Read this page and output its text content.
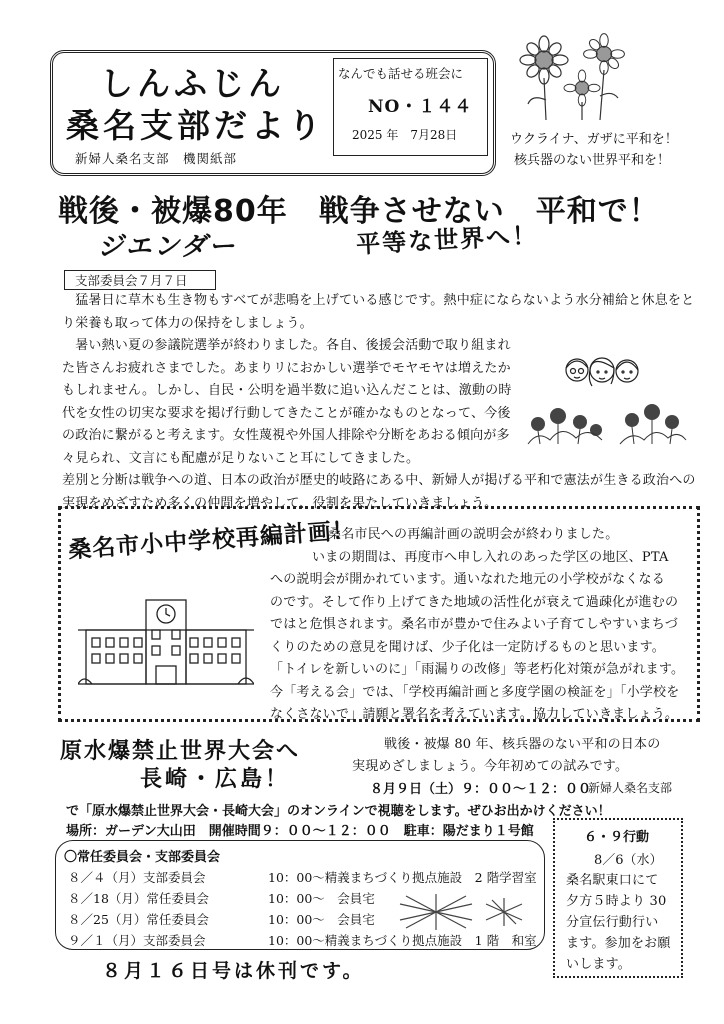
しんふじん
桑名支部だより
新婦人桑名支部　機関紙部
なんでも話せる班会に
NO・１４４
2025 年　7月28日	ウクライナ、ガザに平和を！
核兵器のない世界平和を！
戦後・被爆80年　戦争させない　平和で！
ジエンダー	平等な世界へ！
支部委員会７月７日
　猛暑日に草木も生き物もすべてが悲鳴を上げている感じです。熱中症にならないよう水分補給と休息をと
り栄養も取って体力の保持をしましょう。
　暑い熱い夏の参議院選挙が終わりました。各自、後援会活動で取り組まれ
た皆さんお疲れさまでした。あまりリにおかしい選挙でモヤモヤは増えたか
もしれません。しかし、自民・公明を過半数に追い込んだことは、激動の時
代を女性の切実な要求を掲げ行動してきたことが確かなものとなって、今後
の政治に繋がると考えます。女性蔑視や外国人排除や分断をあおる傾向が多
々見られ、文言にも配慮が足りないこと耳にしてきました。
差別と分断は戦争への道、日本の政治が歴史的岐路にある中、新婦人が掲げる平和で憲法が生きる政治への
実現をめざすため多くの仲間を増やして、役割を果たしていきましょう。
桑名市小中学校再編計画！
桑名市民への再編計画の説明会が終わりました。
いまの期間は、再度市へ申し入れのあった学区の地区、PTA
への説明会が開かれています。通いなれた地元の小学校がなくなる
のです。そして作り上げてきた地域の活性化が衰えて過疎化が進むの
ではと危惧されます。桑名市が豊かで住みよい子育てしやすいまちづ
くりのための意見を聞けば、少子化は一定防げるものと思います。
「トイレを新しいのに」「雨漏りの改修」等老朽化対策が急がれます。
今「考える会」では、「学校再編計画と多度学園の検証を」「小学校を
なくさないで」請願と署名を考えています。協力していきましょう。
原水爆禁止世界大会へ
長崎・広島！
戦後・被爆 80 年、核兵器のない平和の日本の
実現めざしましょう。今年初めての試みです。
８月９日（土）９：００〜１２：００
新婦人桑名支部
で「原水爆禁止世界大会・長崎大会」のオンラインで視聴をします。ぜひお出かけください！
場所：ガーデン大山田　開催時間９：００〜１２：００　駐車：陽だまり１号館
〇常任委員会・支部委員会
８／４（月）支部委員会	10：00〜精義まちづくり拠点施設　2 階学習室
８／18（月）常任委員会	10：00〜　会員宅
８／25（月）常任委員会	10：00〜　会員宅
９／１（月）支部委員会	10：00〜精義まちづくり拠点施設　1 階　和室
６・９行動
8／6（水）
桑名駅東口にて
夕方５時より 30
分宣伝行動行い
ます。参加をお願
いします。
８月１６日号は休刊です。
